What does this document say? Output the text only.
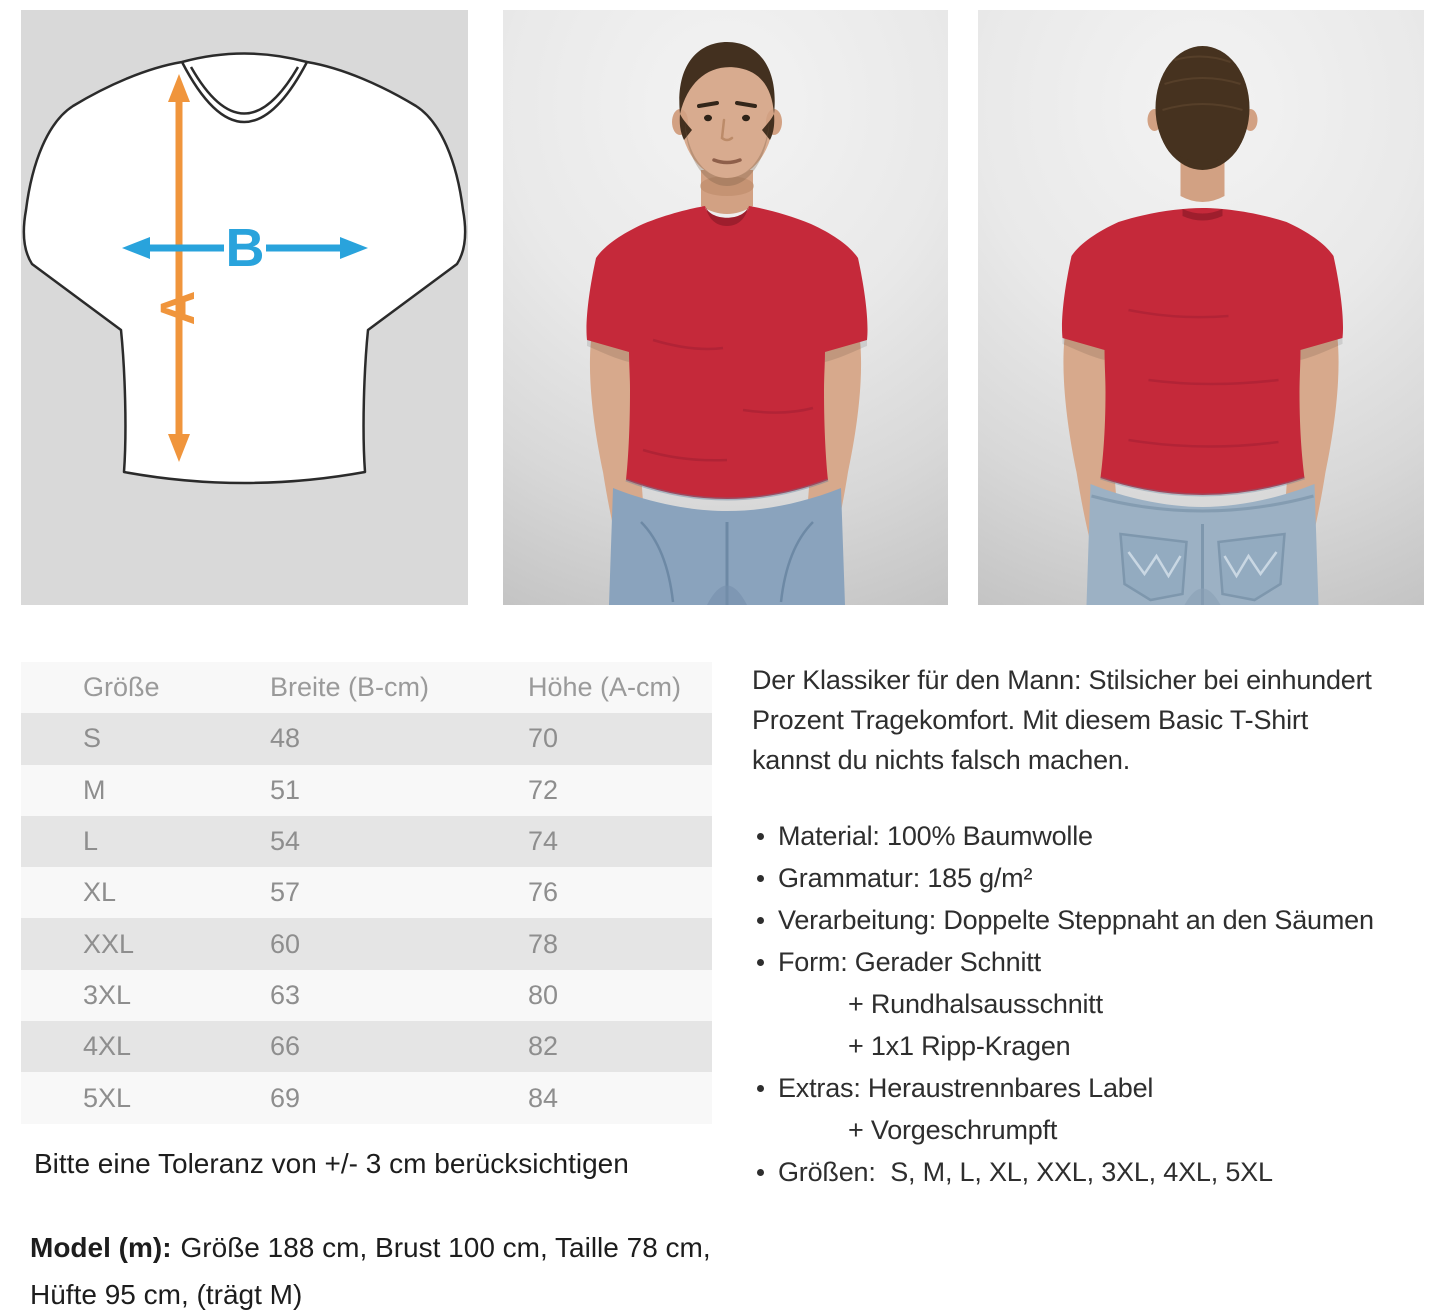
A
B
Größe	Breite (B-cm)	Höhe (A-cm)
S	48	70
M	51	72
L	54	74
XL	57	76
XXL	60	78
3XL	63	80
4XL	66	82
5XL	69	84

Bitte eine Toleranz von +/- 3 cm berücksichtigen

Model (m): Größe 188 cm, Brust 100 cm, Taille 78 cm,
Hüfte 95 cm, (trägt M)

Der Klassiker für den Mann: Stilsicher bei einhundert
Prozent Tragekomfort. Mit diesem Basic T-Shirt
kannst du nichts falsch machen.
Material: 100% Baumwolle
Grammatur: 185 g/m²
Verarbeitung: Doppelte Steppnaht an den Säumen
Form: Gerader Schnitt
+ Rundhalsausschnitt
+ 1x1 Ripp-Kragen
Extras: Heraustrennbares Label
+ Vorgeschrumpft
Größen:  S, M, L, XL, XXL, 3XL, 4XL, 5XL
